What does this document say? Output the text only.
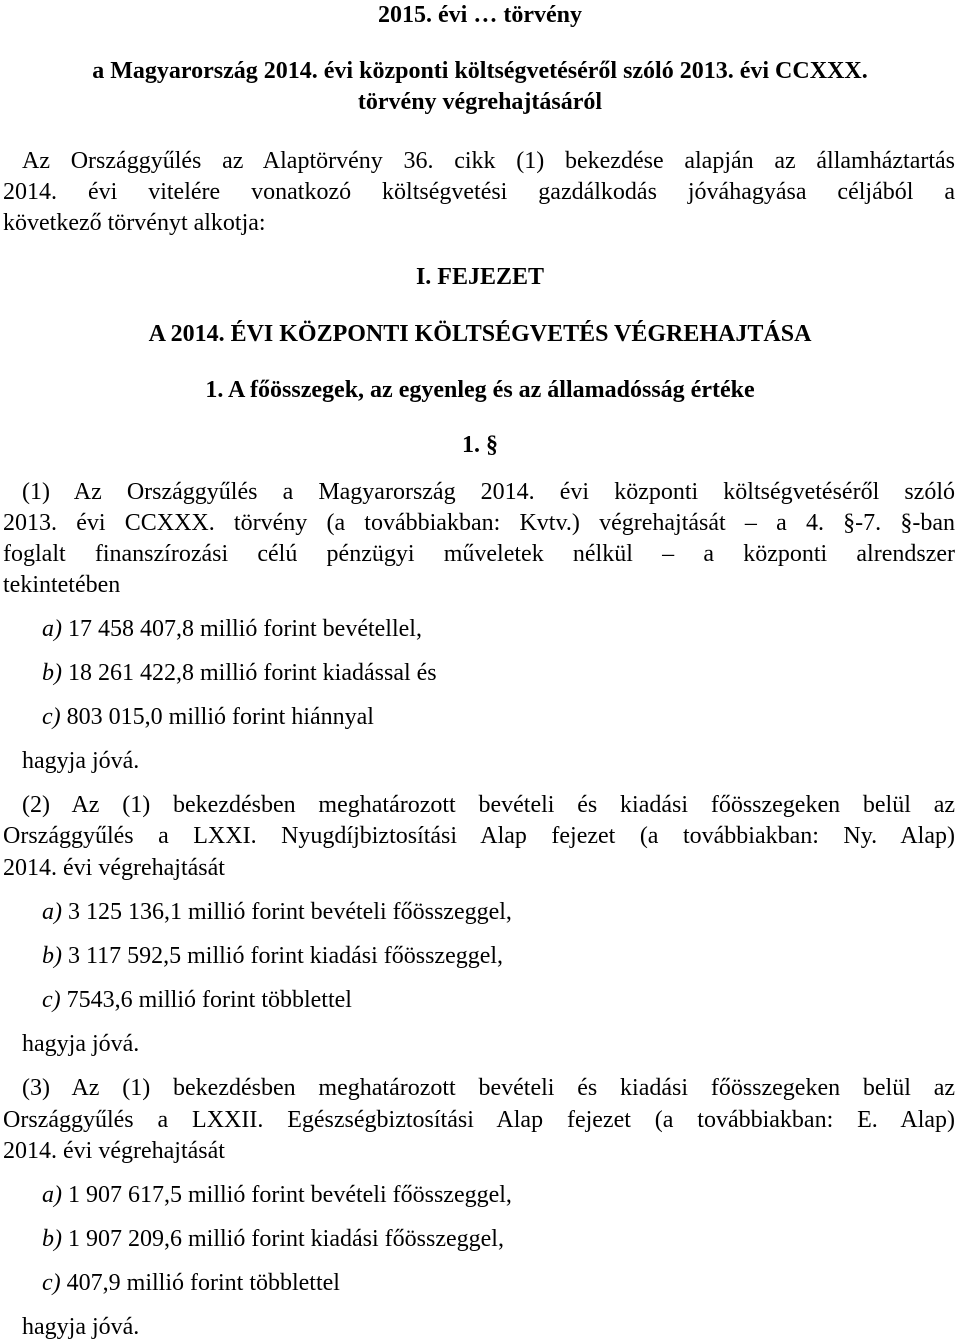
2015. évi … törvény
a Magyarország 2014. évi központi költségvetéséről szóló 2013. évi CCXXX.
törvény végrehajtásáról
Az Országgyűlés az Alaptörvény 36. cikk (1) bekezdése alapján az államháztartás
2014. évi vitelére vonatkozó költségvetési gazdálkodás jóváhagyása céljából a
következő törvényt alkotja:
I. FEJEZET
A 2014. ÉVI KÖZPONTI KÖLTSÉGVETÉS VÉGREHAJTÁSA
1. A főösszegek, az egyenleg és az államadósság értéke
1. §
(1) Az Országgyűlés a Magyarország 2014. évi központi költségvetéséről szóló
2013. évi CCXXX. törvény (a továbbiakban: Kvtv.) végrehajtását – a 4. §-7. §-ban
foglalt finanszírozási célú pénzügyi műveletek nélkül – a központi alrendszer
tekintetében
a) 17 458 407,8 millió forint bevétellel,
b) 18 261 422,8 millió forint kiadással és
c) 803 015,0 millió forint hiánnyal
hagyja jóvá.
(2) Az (1) bekezdésben meghatározott bevételi és kiadási főösszegeken belül az
Országgyűlés a LXXI. Nyugdíjbiztosítási Alap fejezet (a továbbiakban: Ny. Alap)
2014. évi végrehajtását
a) 3 125 136,1 millió forint bevételi főösszeggel,
b) 3 117 592,5 millió forint kiadási főösszeggel,
c) 7543,6 millió forint többlettel
hagyja jóvá.
(3) Az (1) bekezdésben meghatározott bevételi és kiadási főösszegeken belül az
Országgyűlés a LXXII. Egészségbiztosítási Alap fejezet (a továbbiakban: E. Alap)
2014. évi végrehajtását
a) 1 907 617,5 millió forint bevételi főösszeggel,
b) 1 907 209,6 millió forint kiadási főösszeggel,
c) 407,9 millió forint többlettel
hagyja jóvá.
